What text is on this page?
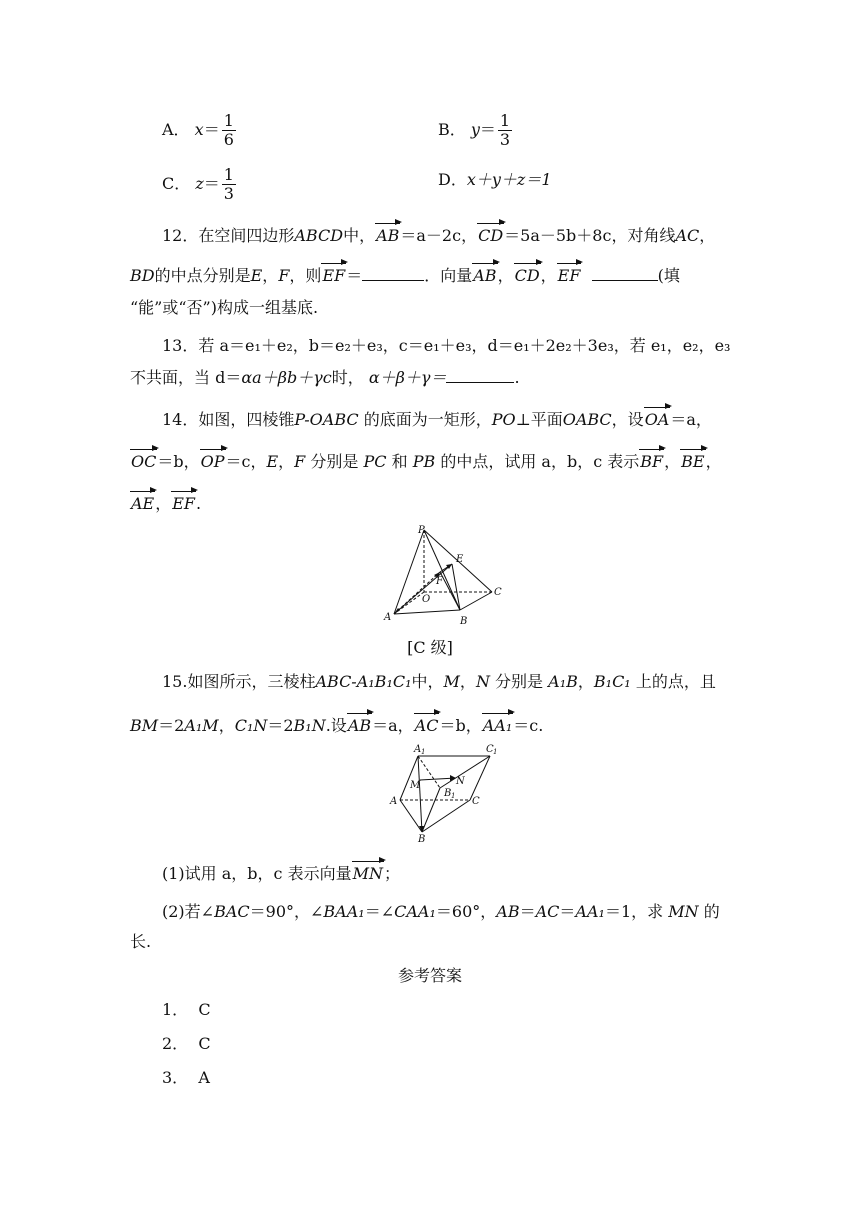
A． $x= \frac{1}{6}$	B． $y= \frac{1}{3}$
C． $z= \frac{1}{3}$	D．x＋y＋z＝1
12．在空间四边形ABCD中，AB＝a－2c，CD＝5a－5b＋8c，对角线AC，
BD的中点分别是E，F，则EF＝	．向量AB，CD，EF	(填
“能”或“否”)构成一组基底.
13．若 a＝e₁＋e₂，b＝e₂＋e₃，c＝e₁＋e₃，d＝e₁＋2e₂＋3e₃，若 e₁，e₂，e₃
不共面，当 d＝αa＋βb＋γc时， α＋β＋γ＝	.
14．如图，四棱锥P-OABC 的底面为一矩形，PO⊥平面OABC，设OA＝a，
OC＝b，OP＝c，E，F 分别是 PC 和 PB 的中点，试用 a，b，c 表示BF，BE，
AE，EF.
P
E
F
O
C
A	B
[C 级]
15.如图所示，三棱柱ABC-A₁B₁C₁中，M，N 分别是 A₁B，B₁C₁ 上的点，且
BM＝2A₁M，C₁N＝2B₁N.设AB＝a，AC＝b，AA₁＝c.
A 1	C 1
M	N
B 1
A	C
B
(1)试用 a，b，c 表示向量MN；
(2)若∠BAC＝90°，∠BAA₁＝∠CAA₁＝60°，AB＝AC＝AA₁＝1，求 MN 的
长.
参考答案
1． C
2． C
3． A
